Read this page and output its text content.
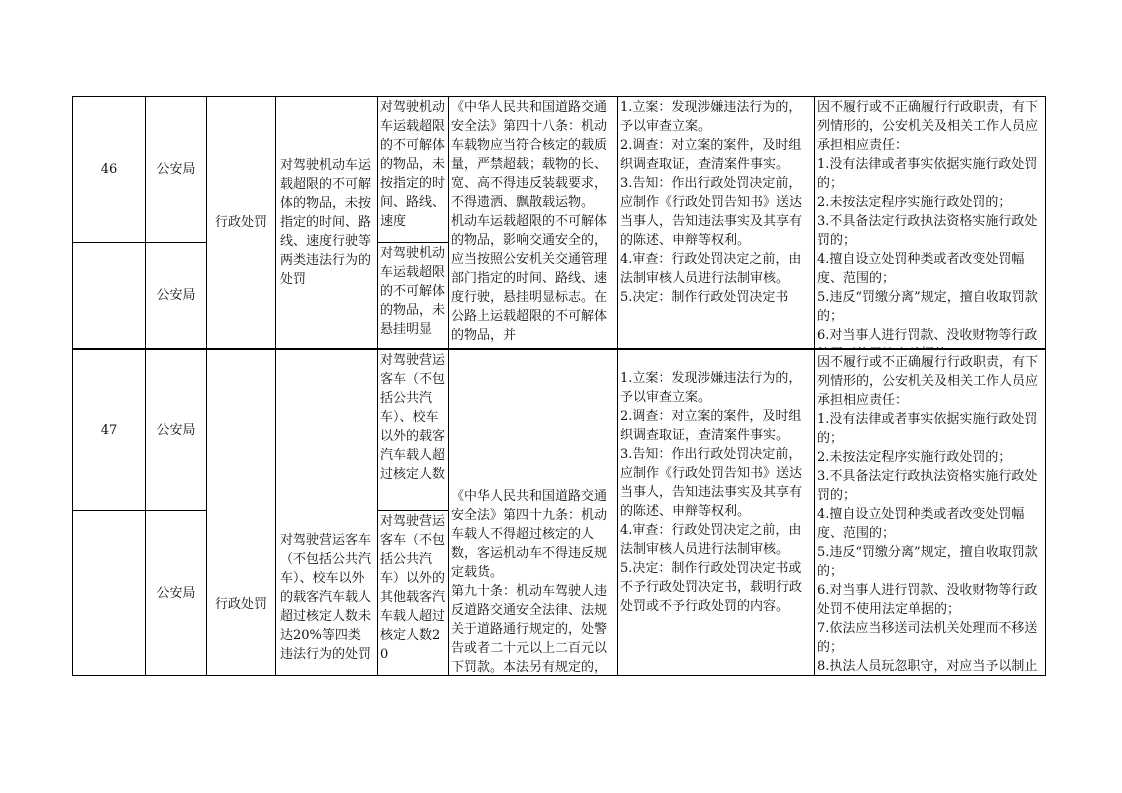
46	公安局
公安局
行政处罚
对驾驶机动车运载超限的不可解体的物品，未按指定的时间、路线、速度行驶等两类违法行为的处罚
对驾驶机动车运载超限的不可解体的物品，未按指定的时间、路线、速度
对驾驶机动车运载超限的不可解体的物品，未悬挂明显
《中华人民共和国道路交通安全法》第四十八条：机动车载物应当符合核定的载质量，严禁超载；载物的长、宽、高不得违反装载要求，不得遗洒、飘散载运物。
机动车运载超限的不可解体的物品，影响交通安全的，应当按照公安机关交通管理部门指定的时间、路线、速度行驶，悬挂明显标志。在公路上运载超限的不可解体的物品，并
1.立案：发现涉嫌违法行为的，予以审查立案。
2.调查：对立案的案件，及时组织调查取证，查清案件事实。
3.告知：作出行政处罚决定前，应制作《行政处罚告知书》送达当事人，告知违法事实及其享有的陈述、申辩等权利。
4.审查：行政处罚决定之前，由法制审核人员进行法制审核。
5.决定：制作行政处罚决定书
因不履行或不正确履行行政职责，有下列情形的，公安机关及相关工作人员应承担相应责任：
1.没有法律或者事实依据实施行政处罚的；
2.未按法定程序实施行政处罚的；
3.不具备法定行政执法资格实施行政处罚的；
4.擅自设立处罚种类或者改变处罚幅度、范围的；
5.违反“罚缴分离”规定，擅自收取罚款的；
6.对当事人进行罚款、没收财物等行政
47	公安局
公安局

行政处罚

对驾驶营运客车（不包括公共汽车）、校车以外的载客汽车载人超过核定人数未达20%等四类违法行为的处罚

对驾驶营运客车（不包括公共汽车）、校车以外的载客汽车载人超过核定人数
对驾驶营运客车（不包括公共汽车）以外的其他载客汽车载人超过核定人数20

《中华人民共和国道路交通安全法》第四十九条：机动车载人不得超过核定的人数，客运机动车不得违反规定载货。
第九十条：机动车驾驶人违反道路交通安全法律、法规关于道路通行规定的，处警告或者二十元以上二百元以下罚款。本法另有规定的，

1.立案：发现涉嫌违法行为的，予以审查立案。
2.调查：对立案的案件，及时组织调查取证，查清案件事实。
3.告知：作出行政处罚决定前，应制作《行政处罚告知书》送达当事人，告知违法事实及其享有的陈述、申辩等权利。
4.审查：行政处罚决定之前，由法制审核人员进行法制审核。
5.决定：制作行政处罚决定书或不予行政处罚决定书，载明行政处罚或不予行政处罚的内容。

因不履行或不正确履行行政职责，有下列情形的，公安机关及相关工作人员应承担相应责任：
1.没有法律或者事实依据实施行政处罚的；
2.未按法定程序实施行政处罚的；
3.不具备法定行政执法资格实施行政处罚的；
4.擅自设立处罚种类或者改变处罚幅度、范围的；
5.违反“罚缴分离”规定，擅自收取罚款的；
6.对当事人进行罚款、没收财物等行政处罚不使用法定单据的；
7.依法应当移送司法机关处理而不移送的；
8.执法人员玩忽职守，对应当予以制止
